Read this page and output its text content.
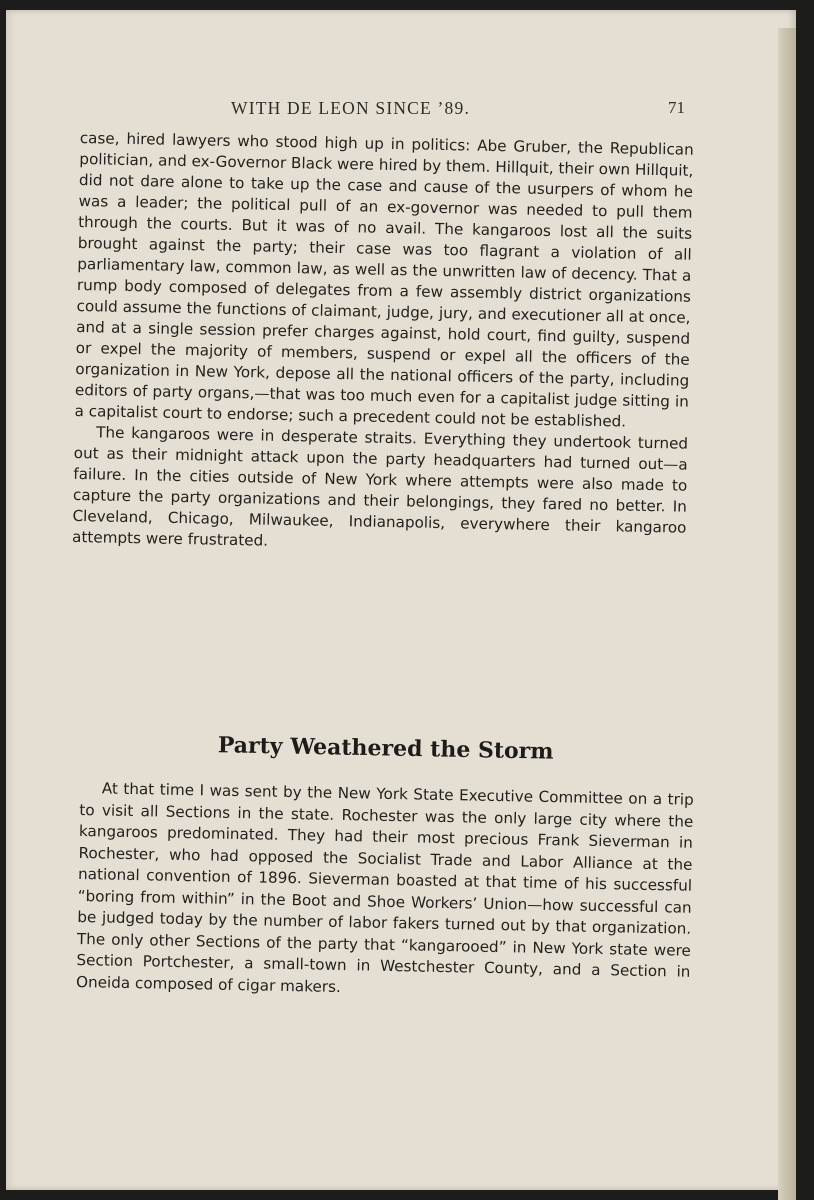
WITH DE LEON SINCE ’89.	71

case, hired lawyers who stood high up in politics: Abe Gruber, the Republican politician, and ex-Governor Black were hired by them. Hillquit, their own Hillquit, did not dare alone to take up the case and cause of the usurpers of whom he was a leader; the political pull of an ex-governor was needed to pull them through the courts. But it was of no avail. The kangaroos lost all the suits brought against the party; their case was too flagrant a violation of all parliamentary law, common law, as well as the unwritten law of decency. That a rump body composed of delegates from a few assembly district organizations could assume the functions of claimant, judge, jury, and executioner all at once, and at a single session prefer charges against, hold court, find guilty, suspend or expel the majority of members, suspend or expel all the officers of the organization in New York, depose all the national officers of the party, including editors of party organs,—that was too much even for a capitalist judge sitting in a capitalist court to endorse; such a precedent could not be established.

The kangaroos were in desperate straits. Everything they undertook turned out as their midnight attack upon the party headquarters had turned out—a failure. In the cities outside of New York where attempts were also made to capture the party organizations and their belongings, they fared no better. In Cleveland, Chicago, Milwaukee, Indianapolis, everywhere their kangaroo attempts were frustrated.

Party Weathered the Storm

At that time I was sent by the New York State Executive Committee on a trip to visit all Sections in the state. Rochester was the only large city where the kangaroos predominated. They had their most precious Frank Sieverman in Rochester, who had opposed the Socialist Trade and Labor Alliance at the national convention of 1896. Sieverman boasted at that time of his successful “boring from within” in the Boot and Shoe Workers’ Union—how successful can be judged today by the number of labor fakers turned out by that organization. The only other Sections of the party that “kangarooed” in New York state were Section Portchester, a small-town in Westchester County, and a Section in Oneida composed of cigar makers.
